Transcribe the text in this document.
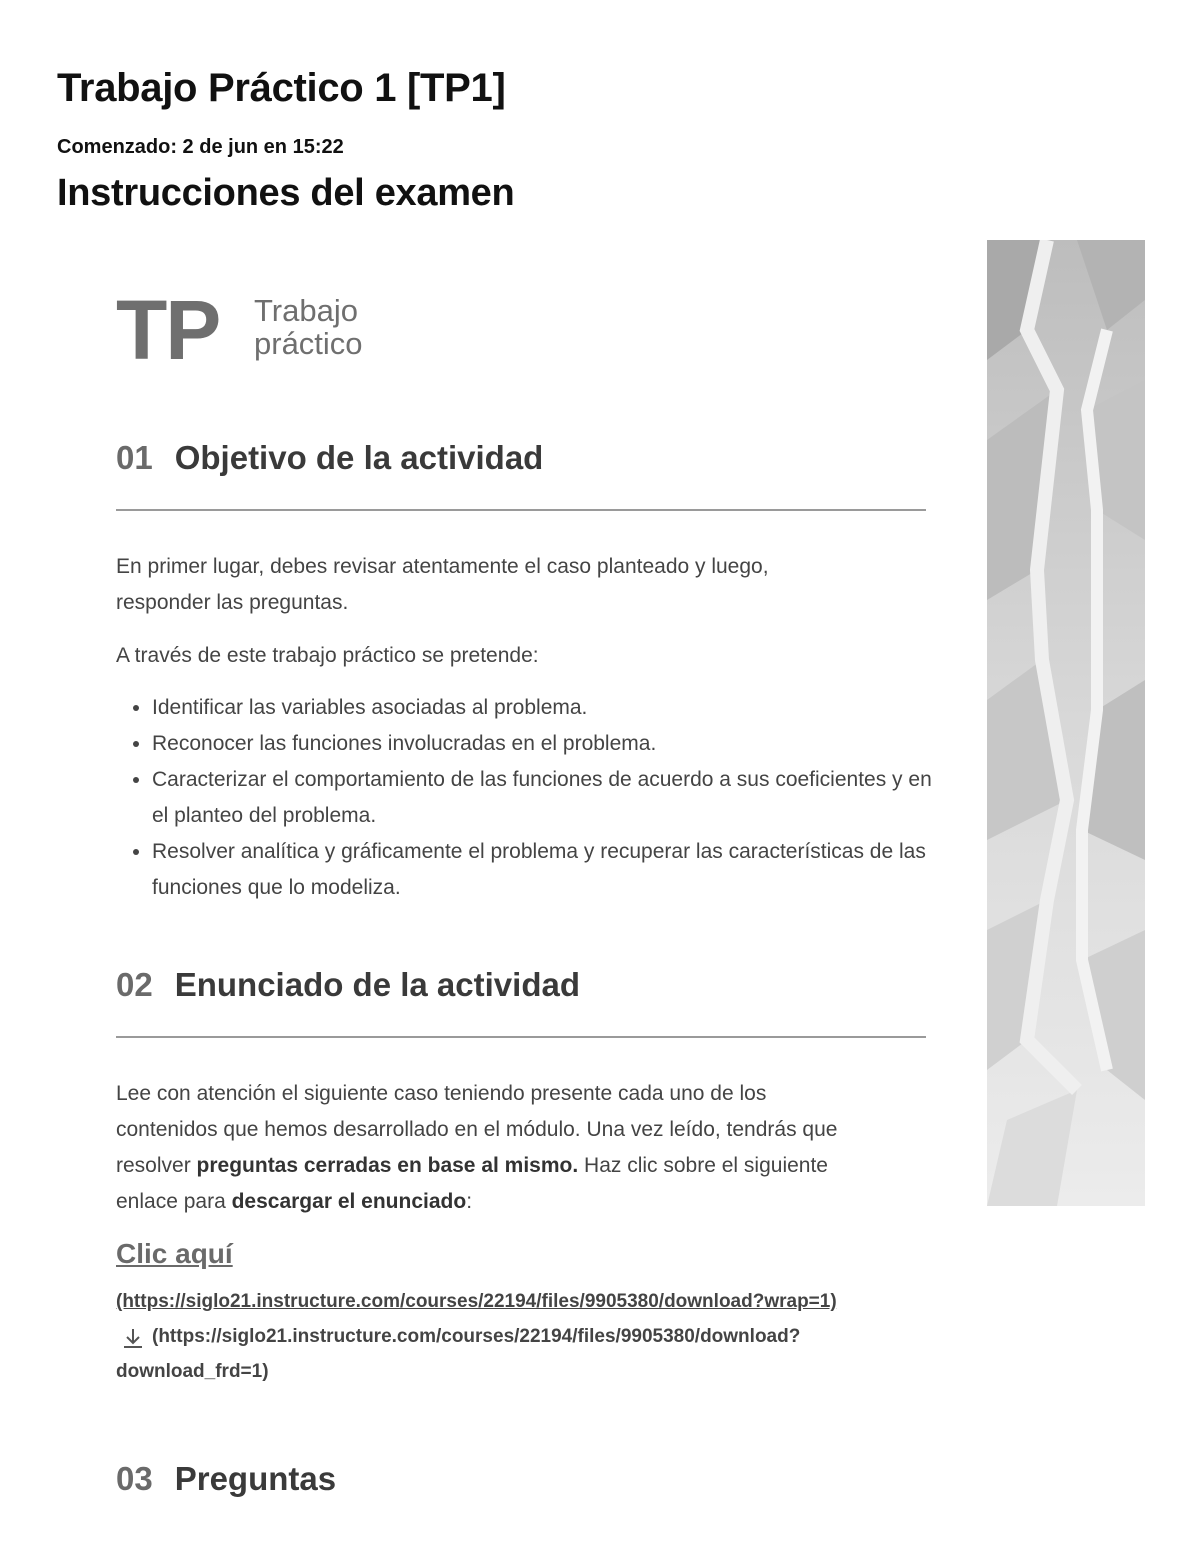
Trabajo Práctico 1 [TP1]

Comenzado: 2 de jun en 15:22

Instrucciones del examen
TP Trabajo
práctico
01 Objetivo de la actividad

En primer lugar, debes revisar atentamente el caso planteado y luego,
responder las preguntas.

A través de este trabajo práctico se pretende:

• Identificar las variables asociadas al problema.
• Reconocer las funciones involucradas en el problema.
• Caracterizar el comportamiento de las funciones de acuerdo a sus coeficientes y en el planteo del problema.
• Resolver analítica y gráficamente el problema y recuperar las características de las funciones que lo modeliza.
02 Enunciado de la actividad

Lee con atención el siguiente caso teniendo presente cada uno de los
contenidos que hemos desarrollado en el módulo. Una vez leído, tendrás que
resolver preguntas cerradas en base al mismo. Haz clic sobre el siguiente
enlace para descargar el enunciado:

Clic aquí
(https://siglo21.instructure.com/courses/22194/files/9905380/download?wrap=1)
(https://siglo21.instructure.com/courses/22194/files/9905380/download?
download_frd=1)
03 Preguntas
